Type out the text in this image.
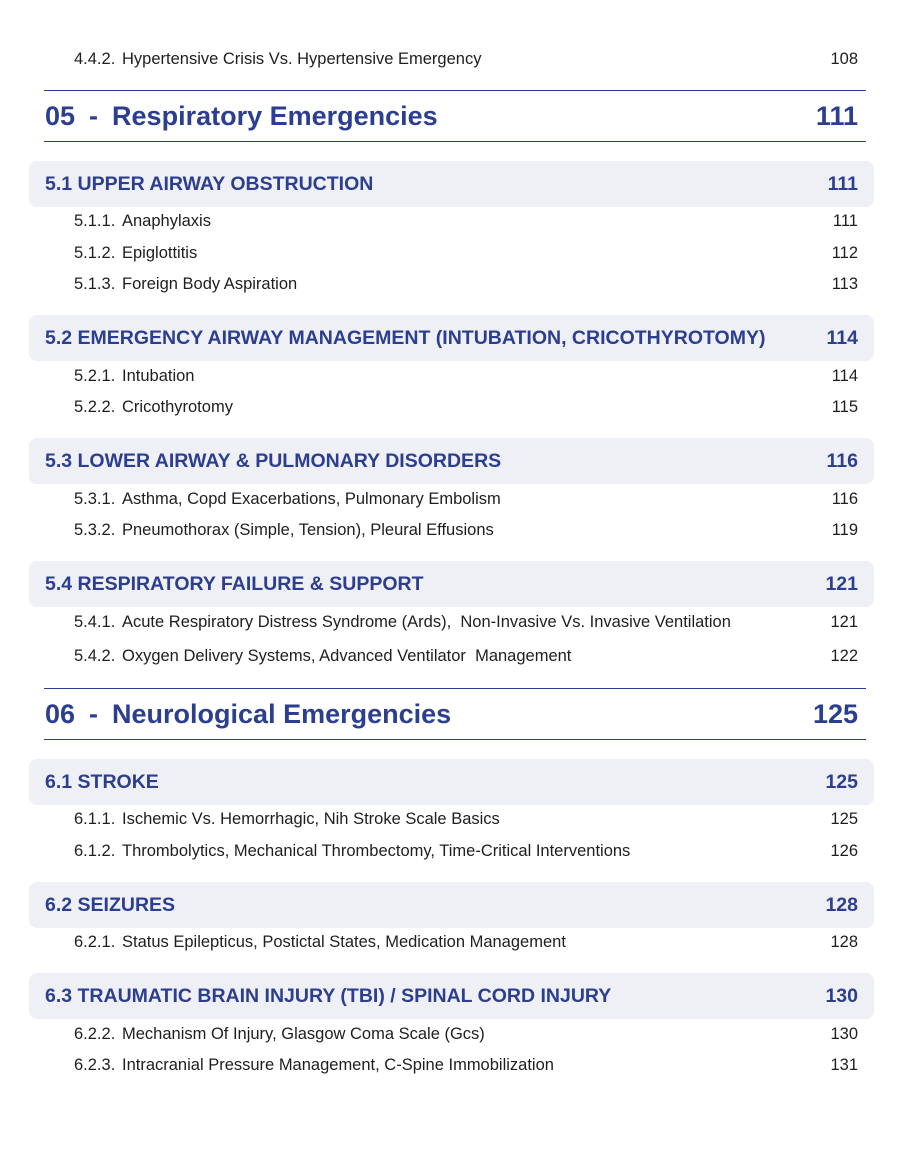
4.4.2. Hypertensive Crisis Vs. Hypertensive Emergency	108
05 - Respiratory Emergencies	111
5.1 UPPER AIRWAY OBSTRUCTION	111
5.1.1. Anaphylaxis	111
5.1.2. Epiglottitis	112
5.1.3. Foreign Body Aspiration	113
5.2 EMERGENCY AIRWAY MANAGEMENT (INTUBATION, CRICOTHYROTOMY)	114
5.2.1. Intubation	114
5.2.2. Cricothyrotomy	115
5.3 LOWER AIRWAY & PULMONARY DISORDERS	116
5.3.1. Asthma, Copd Exacerbations, Pulmonary Embolism	116
5.3.2. Pneumothorax (Simple, Tension), Pleural Effusions	119
5.4 RESPIRATORY FAILURE & SUPPORT	121
5.4.1. Acute Respiratory Distress Syndrome (Ards),  Non-Invasive Vs. Invasive Ventilation	121
5.4.2. Oxygen Delivery Systems, Advanced Ventilator  Management	122
06 - Neurological Emergencies	125
6.1 STROKE	125
6.1.1. Ischemic Vs. Hemorrhagic, Nih Stroke Scale Basics	125
6.1.2. Thrombolytics, Mechanical Thrombectomy, Time-Critical Interventions	126
6.2 SEIZURES	128
6.2.1. Status Epilepticus, Postictal States, Medication Management	128
6.3 TRAUMATIC BRAIN INJURY (TBI) / SPINAL CORD INJURY	130
6.2.2. Mechanism Of Injury, Glasgow Coma Scale (Gcs)	130
6.2.3. Intracranial Pressure Management, C-Spine Immobilization	131
